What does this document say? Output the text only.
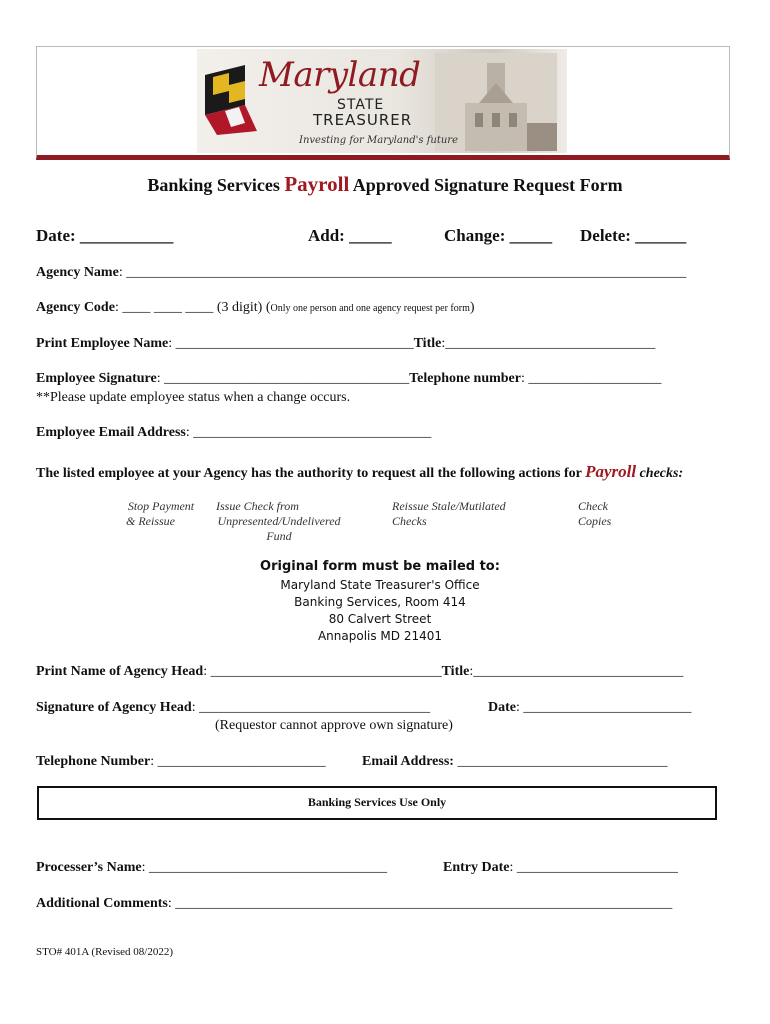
Maryland
STATE
TREASURER
Investing for Maryland's future
Banking Services Payroll Approved Signature Request Form
Date: ___________	Add: _____	Change: _____ Delete: ______
Agency Name: ________________________________________________________________________________
Agency Code: ____ ____ ____ (3 digit) (Only one person and one agency request per form)
Print Employee Name: __________________________________Title:______________________________
Employee Signature: ___________________________________Telephone number: ___________________
**Please update employee status when a change occurs.
Employee Email Address: __________________________________
The listed employee at your Agency has the authority to request all the following actions for Payroll checks:
Stop Payment
& Reissue
Issue Check from
Unpresented/Undelivered
Fund
Reissue Stale/Mutilated
Checks
Check
Copies
Original form must be mailed to:
Maryland State Treasurer's Office
Banking Services, Room 414
80 Calvert Street
Annapolis MD 21401
Print Name of Agency Head: _________________________________Title:______________________________
Signature of Agency Head: _________________________________	Date: ________________________
(Requestor cannot approve own signature)
Telephone Number: ________________________	Email Address: ______________________________
Banking Services Use Only
Processer’s Name: __________________________________	Entry Date: _______________________
Additional Comments: _______________________________________________________________________
STO# 401A (Revised 08/2022)
